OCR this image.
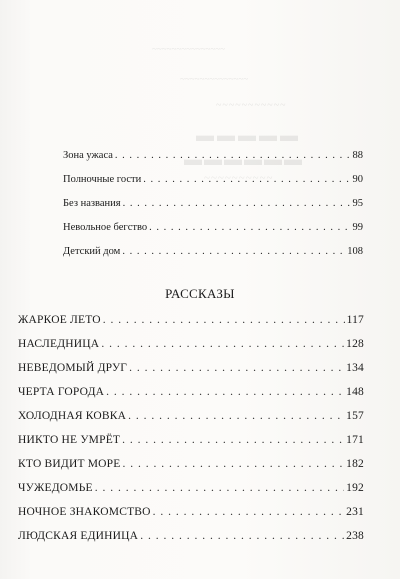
~~~~~~~~~~~~~~~
~~~~~~~~~~~~~~
~~~~~~~~~~~
▬▬▬▬▬
▬▬▬▬▬▬
~~~~~~~~~~
Зона ужаса . . .	88
Полночные гости . . .	90
Без названия . . .	95
Невольное бегство . . .	99
Детский дом . . .	108
РАССКАЗЫ
ЖАРКОЕ ЛЕТО . . .	117
НАСЛЕДНИЦА . . .	128
НЕВЕДОМЫЙ ДРУГ . . .	134
ЧЕРТА ГОРОДА . . .	148
ХОЛОДНАЯ КОВКА . . .	157
НИКТО НЕ УМРЁТ . . .	171
КТО ВИДИТ МОРЕ . . .	182
ЧУЖЕДОМЬЕ . . .	192
НОЧНОЕ ЗНАКОМСТВО . . .	231
ЛЮДСКАЯ ЕДИНИЦА . . .	238
